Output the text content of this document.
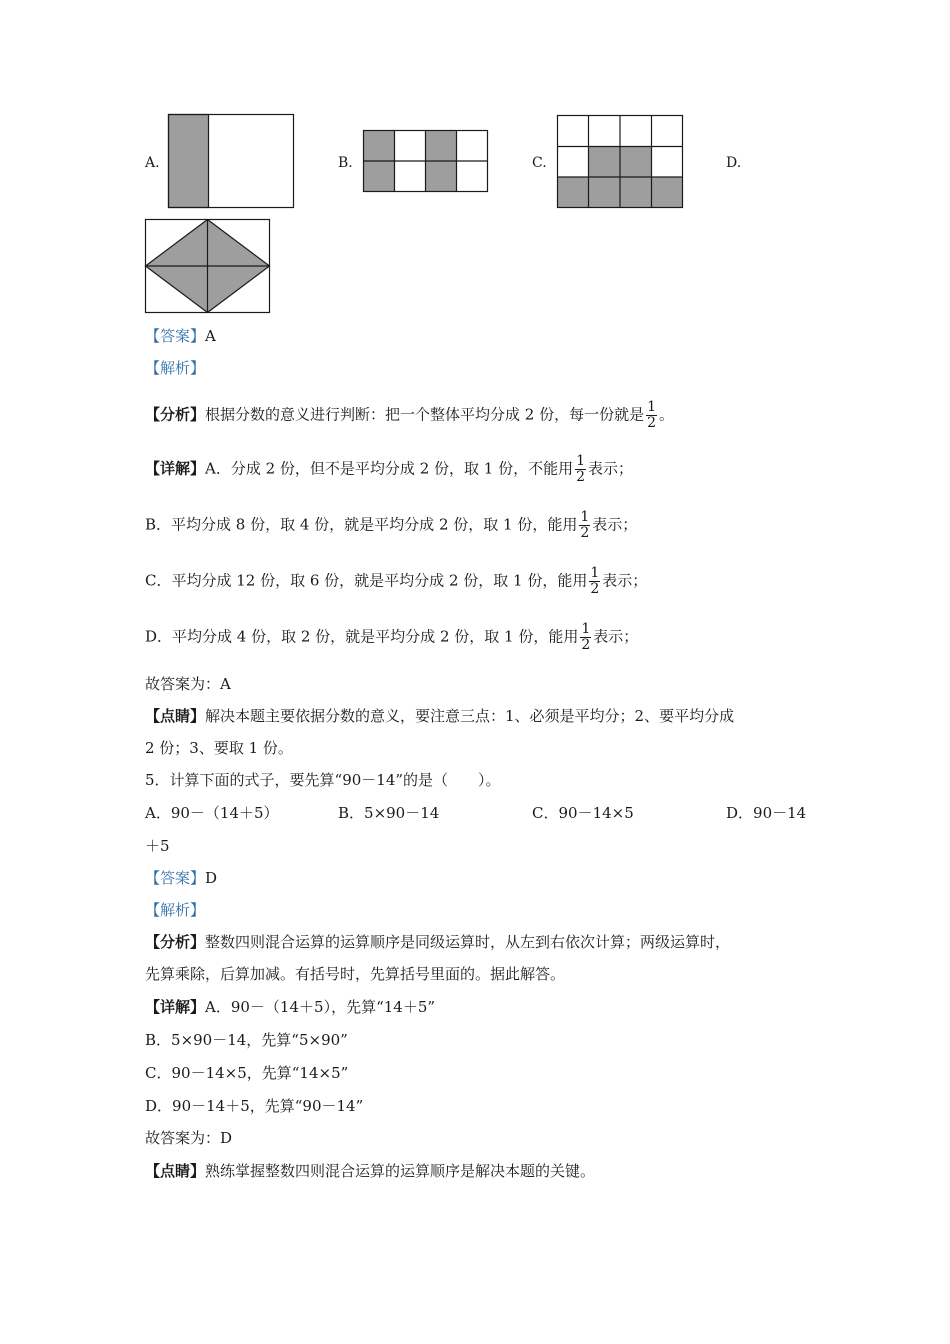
A.	B.	C.	D.
【答案】A
【解析】
【分析】根据分数的意义进行判断：把一个整体平均分成 2 份，每一份就是 $\frac{1}{2}$ 。
【详解】A．分成 2 份，但不是平均分成 2 份，取 1 份，不能用 $\frac{1}{2}$ 表示；
B．平均分成 8 份，取 4 份，就是平均分成 2 份，取 1 份，能用 $\frac{1}{2}$ 表示；
C．平均分成 12 份，取 6 份，就是平均分成 2 份，取 1 份，能用 $\frac{1}{2}$ 表示；
D．平均分成 4 份，取 2 份，就是平均分成 2 份，取 1 份，能用 $\frac{1}{2}$ 表示；
故答案为：A
【点睛】解决本题主要依据分数的意义，要注意三点：1、必须是平均分；2、要平均分成
2 份；3、要取 1 份。
5．计算下面的式子，要先算“90－14”的是（　　）。
A．90－（14＋5）	B．5×90－14	C．90－14×5	D．90－14
＋5
【答案】D
【解析】
【分析】整数四则混合运算的运算顺序是同级运算时，从左到右依次计算；两级运算时，
先算乘除，后算加减。有括号时，先算括号里面的。据此解答。
【详解】A．90－（14＋5），先算“14＋5”
B．5×90－14，先算“5×90”
C．90－14×5，先算“14×5”
D．90－14＋5，先算“90－14”
故答案为：D
【点睛】熟练掌握整数四则混合运算的运算顺序是解决本题的关键。
